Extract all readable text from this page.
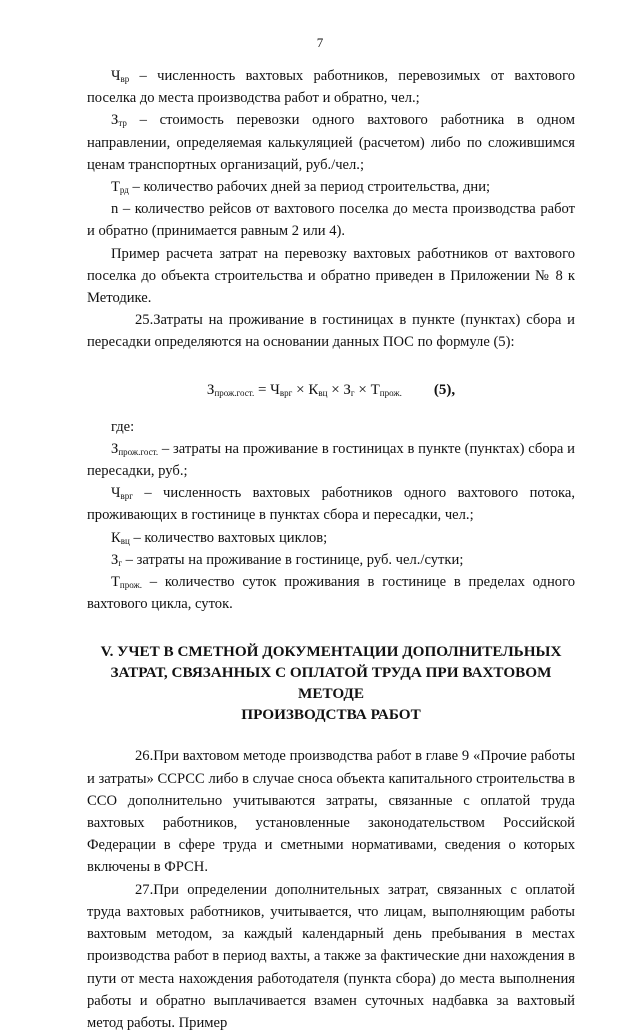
7

$Ч_{вр}$ – численность вахтовых работников, перевозимых от вахтового поселка до места производства работ и обратно, чел.;

$З_{тр}$ – стоимость перевозки одного вахтового работника в одном направлении, определяемая калькуляцией (расчетом) либо по сложившимся ценам транспортных организаций, руб./чел.;

$Т_{рд}$ – количество рабочих дней за период строительства, дни;

n – количество рейсов от вахтового поселка до места производства работ и обратно (принимается равным 2 или 4).

Пример расчета затрат на перевозку вахтовых работников от вахтового поселка до объекта строительства и обратно приведен в Приложении № 8 к Методике.

25.Затраты на проживание в гостиницах в пункте (пунктах) сбора и пересадки определяются на основании данных ПОС по формуле (5):

$З_{прож.гост.} = Ч_{врг} \times К_{вц} \times З_г \times Т_{прож.}$ (5),

где:

$З_{прож.гост.}$ – затраты на проживание в гостиницах в пункте (пунктах) сбора и пересадки, руб.;

$Ч_{врг}$ – численность вахтовых работников одного вахтового потока, проживающих в гостинице в пунктах сбора и пересадки, чел.;

$К_{вц}$ – количество вахтовых циклов;

$З_г$ – затраты на проживание в гостинице, руб. чел./сутки;

$Т_{прож.}$ – количество суток проживания в гостинице в пределах одного вахтового цикла, суток.

V. УЧЕТ В СМЕТНОЙ ДОКУМЕНТАЦИИ ДОПОЛНИТЕЛЬНЫХ
ЗАТРАТ, СВЯЗАННЫХ С ОПЛАТОЙ ТРУДА ПРИ ВАХТОВОМ МЕТОДЕ
ПРОИЗВОДСТВА РАБОТ

26.При вахтовом методе производства работ в главе 9 «Прочие работы и затраты» ССРСС либо в случае сноса объекта капитального строительства в ССО дополнительно учитываются затраты, связанные с оплатой труда вахтовых работников, установленные законодательством Российской Федерации в сфере труда и сметными нормативами, сведения о которых включены в ФРСН.

27.При определении дополнительных затрат, связанных с оплатой труда вахтовых работников, учитывается, что лицам, выполняющим работы вахтовым методом, за каждый календарный день пребывания в местах производства работ в период вахты, а также за фактические дни нахождения в пути от места нахождения работодателя (пункта сбора) до места выполнения работы и обратно выплачивается взамен суточных надбавка за вахтовый метод работы. Пример
